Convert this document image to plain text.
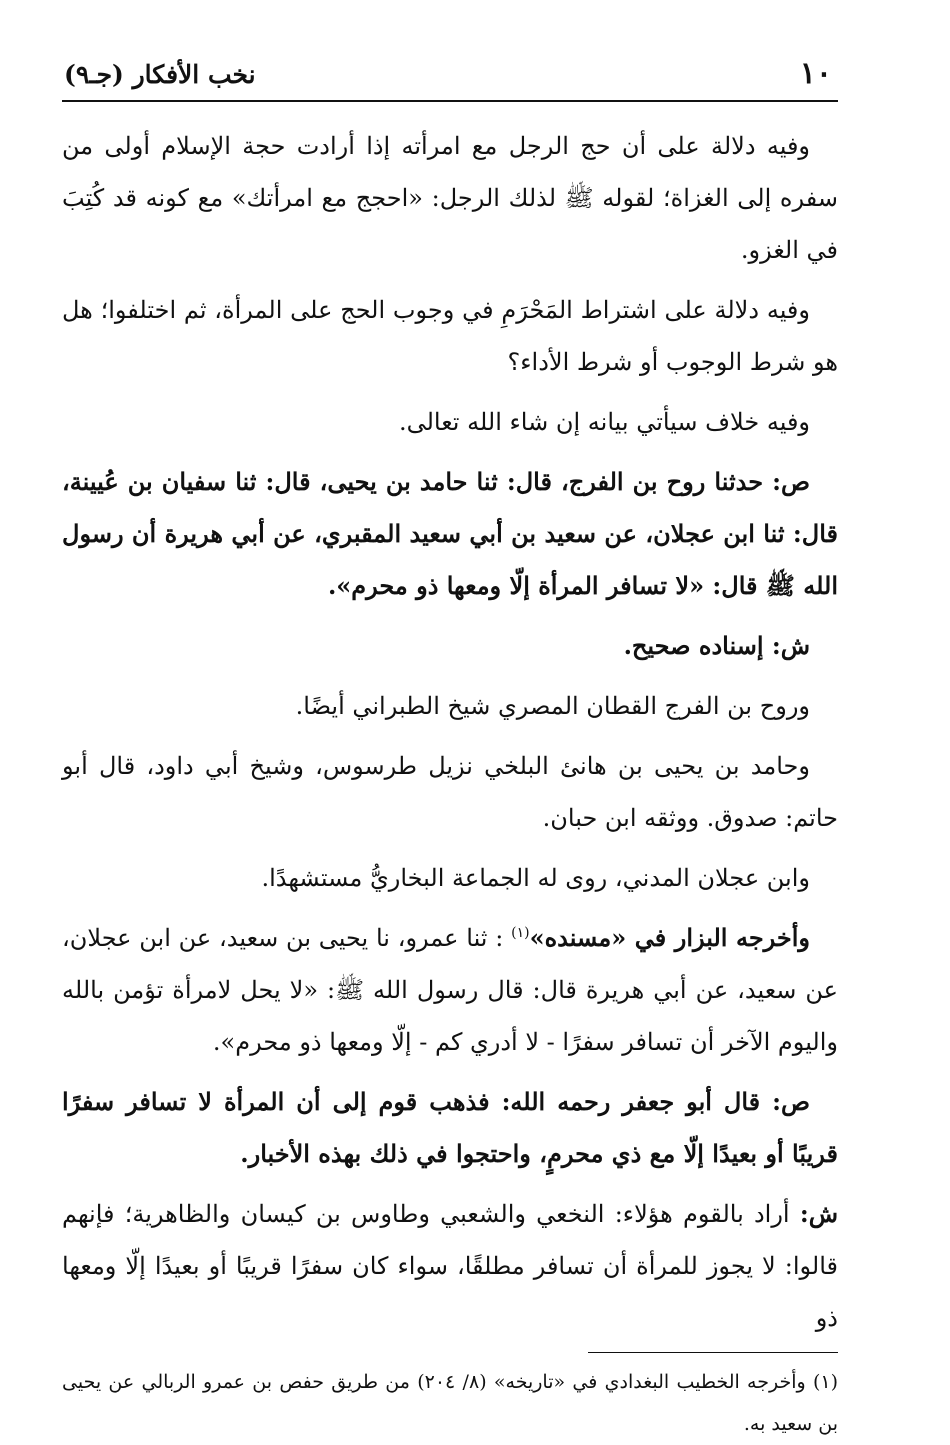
١٠
نخب الأفكار (جـ٩)

وفيه دلالة على أن حج الرجل مع امرأته إذا أرادت حجة الإسلام أولى من سفره إلى الغزاة؛ لقوله ﷺ لذلك الرجل: «احجج مع امرأتك» مع كونه قد كُتِبَ في الغزو.

وفيه دلالة على اشتراط المَحْرَمِ في وجوب الحج على المرأة، ثم اختلفوا؛ هل هو شرط الوجوب أو شرط الأداء؟

وفيه خلاف سيأتي بيانه إن شاء الله تعالى.

ص: حدثنا روح بن الفرج، قال: ثنا حامد بن يحيى، قال: ثنا سفيان بن عُيينة، قال: ثنا ابن عجلان، عن سعيد بن أبي سعيد المقبري، عن أبي هريرة أن رسول الله ﷺ قال: «لا تسافر المرأة إلّا ومعها ذو محرم».

ش: إسناده صحيح.

وروح بن الفرج القطان المصري شيخ الطبراني أيضًا.

وحامد بن يحيى بن هانئ البلخي نزيل طرسوس، وشيخ أبي داود، قال أبو حاتم: صدوق. ووثقه ابن حبان.

وابن عجلان المدني، روى له الجماعة البخاريُّ مستشهدًا.

وأخرجه البزار في «مسنده»$^{(١)}$ : ثنا عمرو، نا يحيى بن سعيد، عن ابن عجلان، عن سعيد، عن أبي هريرة قال: قال رسول الله ﷺ: «لا يحل لامرأة تؤمن بالله واليوم الآخر أن تسافر سفرًا - لا أدري كم - إلّا ومعها ذو محرم».

ص: قال أبو جعفر رحمه الله: فذهب قوم إلى أن المرأة لا تسافر سفرًا قريبًا أو بعيدًا إلّا مع ذي محرمٍ، واحتجوا في ذلك بهذه الأخبار.

ش: أراد بالقوم هؤلاء: النخعي والشعبي وطاوس بن كيسان والظاهرية؛ فإنهم قالوا: لا يجوز للمرأة أن تسافر مطلقًا، سواء كان سفرًا قريبًا أو بعيدًا إلّا ومعها ذو

(١) وأخرجه الخطيب البغدادي في «تاريخه» (٨/ ٢٠٤) من طريق حفص بن عمرو الربالي عن يحيى بن سعيد به.
